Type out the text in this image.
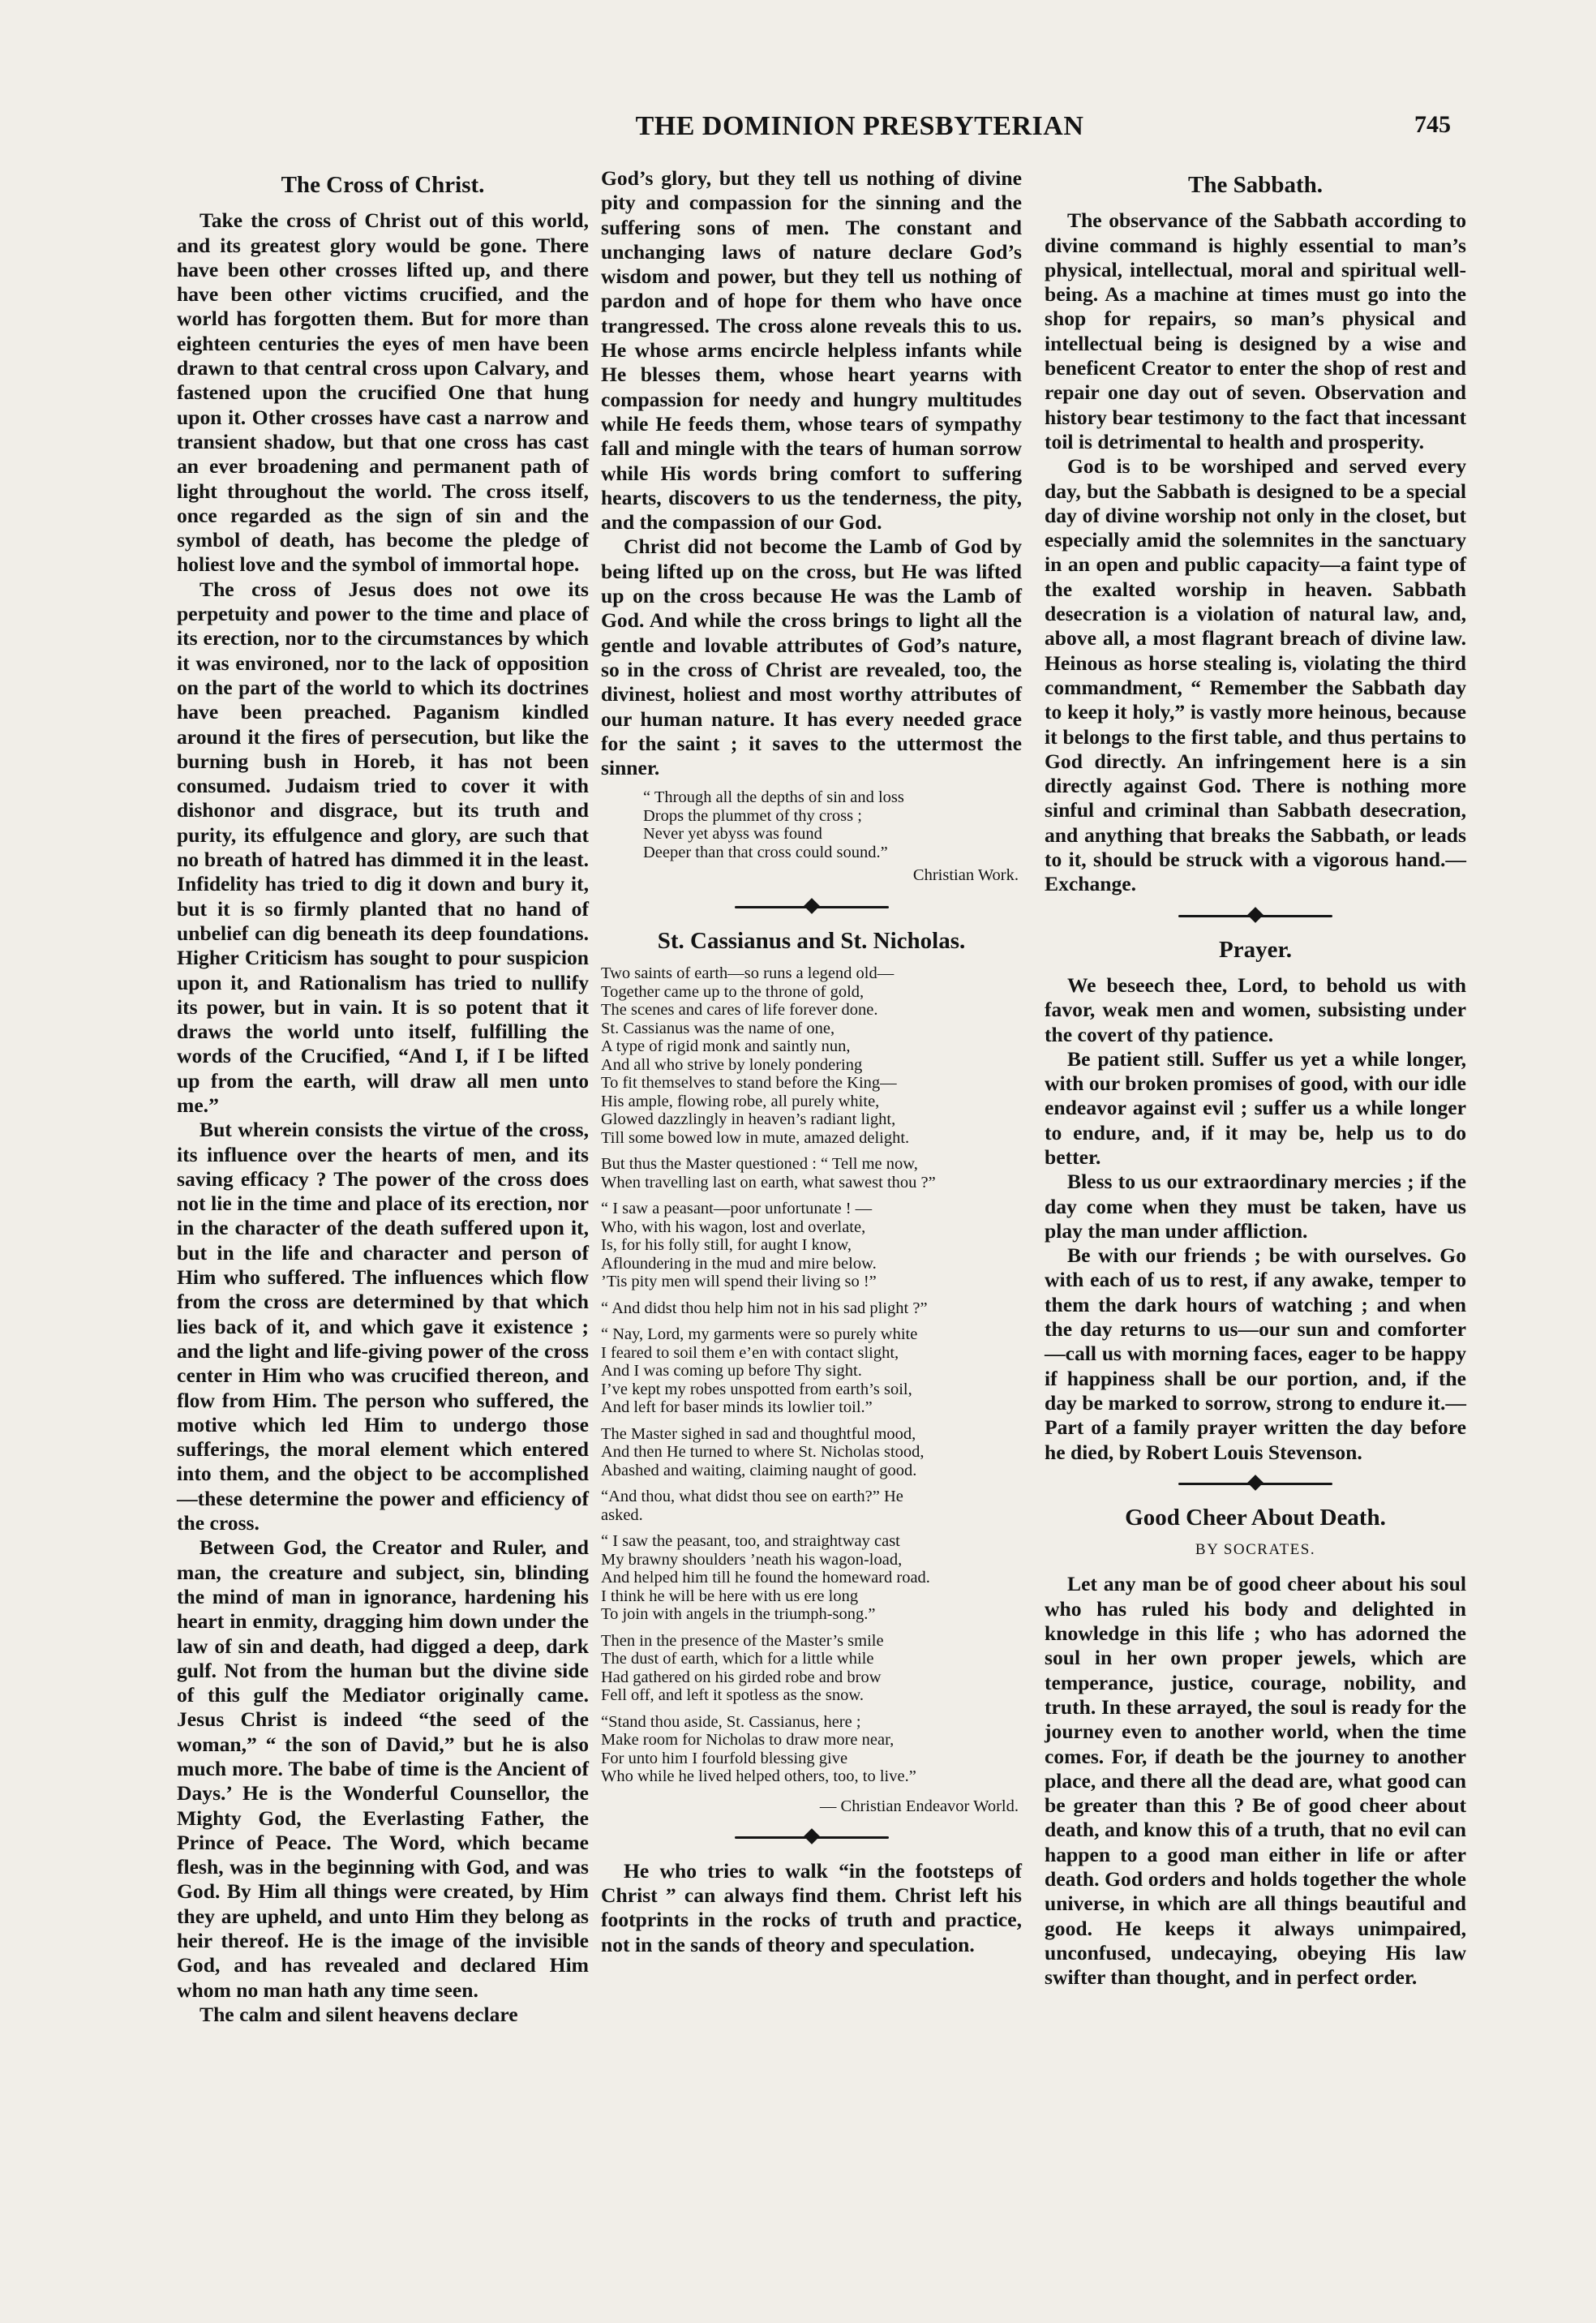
THE DOMINION PRESBYTERIAN	745
The Cross of Christ.

Take the cross of Christ out of this world, and its greatest glory would be gone. There have been other crosses lifted up, and there have been other victims crucified, and the world has forgotten them. But for more than eighteen centuries the eyes of men have been drawn to that central cross upon Calvary, and fastened upon the crucified One that hung upon it. Other crosses have cast a narrow and transient shadow, but that one cross has cast an ever broadening and permanent path of light throughout the world. The cross itself, once regarded as the sign of sin and the symbol of death, has become the pledge of holiest love and the symbol of immortal hope.

The cross of Jesus does not owe its perpetuity and power to the time and place of its erection, nor to the circumstances by which it was environed, nor to the lack of opposition on the part of the world to which its doctrines have been preached. Paganism kindled around it the fires of persecution, but like the burning bush in Horeb, it has not been consumed. Judaism tried to cover it with dishonor and disgrace, but its truth and purity, its effulgence and glory, are such that no breath of hatred has dimmed it in the least. Infidelity has tried to dig it down and bury it, but it is so firmly planted that no hand of unbelief can dig beneath its deep foundations. Higher Criticism has sought to pour suspicion upon it, and Rationalism has tried to nullify its power, but in vain. It is so potent that it draws the world unto itself, fulfilling the words of the Crucified, “And I, if I be lifted up from the earth, will draw all men unto me.”

But wherein consists the virtue of the cross, its influence over the hearts of men, and its saving efficacy ? The power of the cross does not lie in the time and place of its erection, nor in the character of the death suffered upon it, but in the life and character and person of Him who suffered. The influences which flow from the cross are determined by that which lies back of it, and which gave it existence ; and the light and life-giving power of the cross center in Him who was crucified thereon, and flow from Him. The person who suffered, the motive which led Him to undergo those sufferings, the moral element which entered into them, and the object to be accomplished—these determine the power and efficiency of the cross.

Between God, the Creator and Ruler, and man, the creature and subject, sin, blinding the mind of man in ignorance, hardening his heart in enmity, dragging him down under the law of sin and death, had digged a deep, dark gulf. Not from the human but the divine side of this gulf the Mediator originally came. Jesus Christ is indeed “the seed of the woman,” “ the son of David,” but he is also much more. The babe of time is the Ancient of Days.’ He is the Wonderful Counsellor, the Mighty God, the Everlasting Father, the Prince of Peace. The Word, which became flesh, was in the beginning with God, and was God. By Him all things were created, by Him they are upheld, and unto Him they belong as heir thereof. He is the image of the invisible God, and has revealed and declared Him whom no man hath any time seen.

The calm and silent heavens declare

God’s glory, but they tell us nothing of divine pity and compassion for the sinning and the suffering sons of men. The constant and unchanging laws of nature declare God’s wisdom and power, but they tell us nothing of pardon and of hope for them who have once trangressed. The cross alone reveals this to us. He whose arms encircle helpless infants while He blesses them, whose heart yearns with compassion for needy and hungry multitudes while He feeds them, whose tears of sympathy fall and mingle with the tears of human sorrow while His words bring comfort to suffering hearts, discovers to us the tenderness, the pity, and the compassion of our God.

Christ did not become the Lamb of God by being lifted up on the cross, but He was lifted up on the cross because He was the Lamb of God. And while the cross brings to light all the gentle and lovable attributes of God’s nature, so in the cross of Christ are revealed, too, the divinest, holiest and most worthy attributes of our human nature. It has every needed grace for the saint ; it saves to the uttermost the sinner.

“ Through all the depths of sin and loss
Drops the plummet of thy cross ;
Never yet abyss was found
Deeper than that cross could sound.”
Christian Work.
St. Cassianus and St. Nicholas.
Two saints of earth—so runs a legend old—
Together came up to the throne of gold,
The scenes and cares of life forever done.
St. Cassianus was the name of one,
A type of rigid monk and saintly nun,
And all who strive by lonely pondering
To fit themselves to stand before the King—
His ample, flowing robe, all purely white,
Glowed dazzlingly in heaven’s radiant light,
Till some bowed low in mute, amazed delight.
But thus the Master questioned : “ Tell me now,
When travelling last on earth, what sawest thou ?”
“ I saw a peasant—poor unfortunate ! —
Who, with his wagon, lost and overlate,
Is, for his folly still, for aught I know,
Afloundering in the mud and mire below.
’Tis pity men will spend their living so !”
“ And didst thou help him not in his sad plight ?”
“ Nay, Lord, my garments were so purely white
I feared to soil them e’en with contact slight,
And I was coming up before Thy sight.
I’ve kept my robes unspotted from earth’s soil,
And left for baser minds its lowlier toil.”
The Master sighed in sad and thoughtful mood,
And then He turned to where St. Nicholas stood,
Abashed and waiting, claiming naught of good.
“And thou, what didst thou see on earth?” He
asked.
“ I saw the peasant, too, and straightway cast
My brawny shoulders ’neath his wagon-load,
And helped him till he found the homeward road.
I think he will be here with us ere long
To join with angels in the triumph-song.”
Then in the presence of the Master’s smile
The dust of earth, which for a little while
Had gathered on his girded robe and brow
Fell off, and left it spotless as the snow.
“Stand thou aside, St. Cassianus, here ;
Make room for Nicholas to draw more near,
For unto him I fourfold blessing give
Who while he lived helped others, too, to live.”
— Christian Endeavor World.

He who tries to walk “in the footsteps of Christ ” can always find them. Christ left his footprints in the rocks of truth and practice, not in the sands of theory and speculation.

The Sabbath.

The observance of the Sabbath according to divine command is highly essential to man’s physical, intellectual, moral and spiritual well-being. As a machine at times must go into the shop for repairs, so man’s physical and intellectual being is designed by a wise and beneficent Creator to enter the shop of rest and repair one day out of seven. Observation and history bear testimony to the fact that incessant toil is detrimental to health and prosperity.

God is to be worshiped and served every day, but the Sabbath is designed to be a special day of divine worship not only in the closet, but especially amid the solemnites in the sanctuary in an open and public capacity—a faint type of the exalted worship in heaven. Sabbath desecration is a violation of natural law, and, above all, a most flagrant breach of divine law. Heinous as horse stealing is, violating the third commandment, “ Remember the Sabbath day to keep it holy,” is vastly more heinous, because it belongs to the first table, and thus pertains to God directly. An infringement here is a sin directly against God. There is nothing more sinful and criminal than Sabbath desecration, and anything that breaks the Sabbath, or leads to it, should be struck with a vigorous hand.—Exchange.

Prayer.

We beseech thee, Lord, to behold us with favor, weak men and women, subsisting under the covert of thy patience.

Be patient still. Suffer us yet a while longer, with our broken promises of good, with our idle endeavor against evil ; suffer us a while longer to endure, and, if it may be, help us to do better.

Bless to us our extraordinary mercies ; if the day come when they must be taken, have us play the man under affliction.

Be with our friends ; be with ourselves. Go with each of us to rest, if any awake, temper to them the dark hours of watching ; and when the day returns to us—our sun and comforter—call us with morning faces, eager to be happy if happiness shall be our portion, and, if the day be marked to sorrow, strong to endure it.—Part of a family prayer written the day before he died, by Robert Louis Stevenson.

Good Cheer About Death.
BY SOCRATES.

Let any man be of good cheer about his soul who has ruled his body and delighted in knowledge in this life ; who has adorned the soul in her own proper jewels, which are temperance, justice, courage, nobility, and truth. In these arrayed, the soul is ready for the journey even to another world, when the time comes. For, if death be the journey to another place, and there all the dead are, what good can be greater than this ? Be of good cheer about death, and know this of a truth, that no evil can happen to a good man either in life or after death. God orders and holds together the whole universe, in which are all things beautiful and good. He keeps it always unimpaired, unconfused, undecaying, obeying His law swifter than thought, and in perfect order.
